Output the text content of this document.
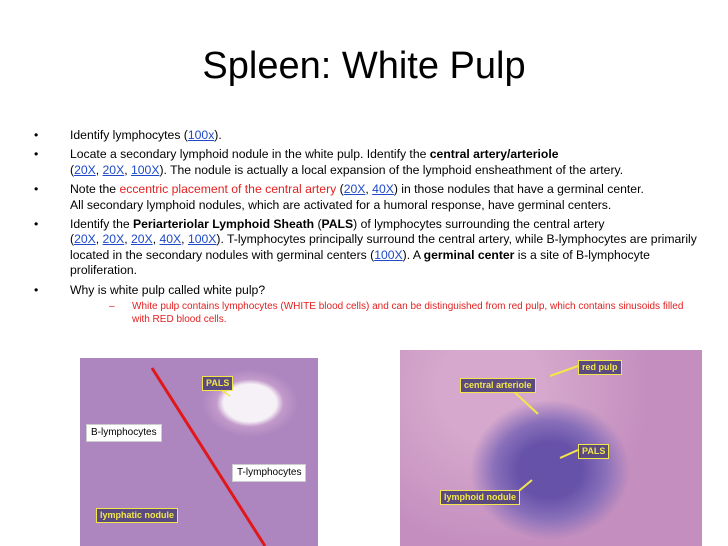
Spleen: White Pulp
•	Identify lymphocytes (100x).
•	Locate a secondary lymphoid nodule in the white pulp. Identify the central artery/arteriole
(20X, 20X, 100X). The nodule is actually a local expansion of the lymphoid ensheathment of the artery.
•	Note the eccentric placement of the central artery (20X, 40X) in those nodules that have a germinal center.
All secondary lymphoid nodules, which are activated for a humoral response, have germinal centers.
•	Identify the Periarteriolar Lymphoid Sheath (PALS) of lymphocytes surrounding the central artery
(20X, 20X, 20X, 40X, 100X). T-lymphocytes principally surround the central artery, while B-lymphocytes are primarily located in the secondary nodules with germinal centers (100X). A germinal center is a site of B-lymphocyte proliferation.
•	Why is white pulp called white pulp?
– White pulp contains lymphocytes (WHITE blood cells) and can be distinguished from red pulp, which contains sinusoids filled with RED blood cells.
PALS
B-lymphocytes
T-lymphocytes
lymphatic nodule
central arteriole
red pulp
PALS
lymphoid nodule
